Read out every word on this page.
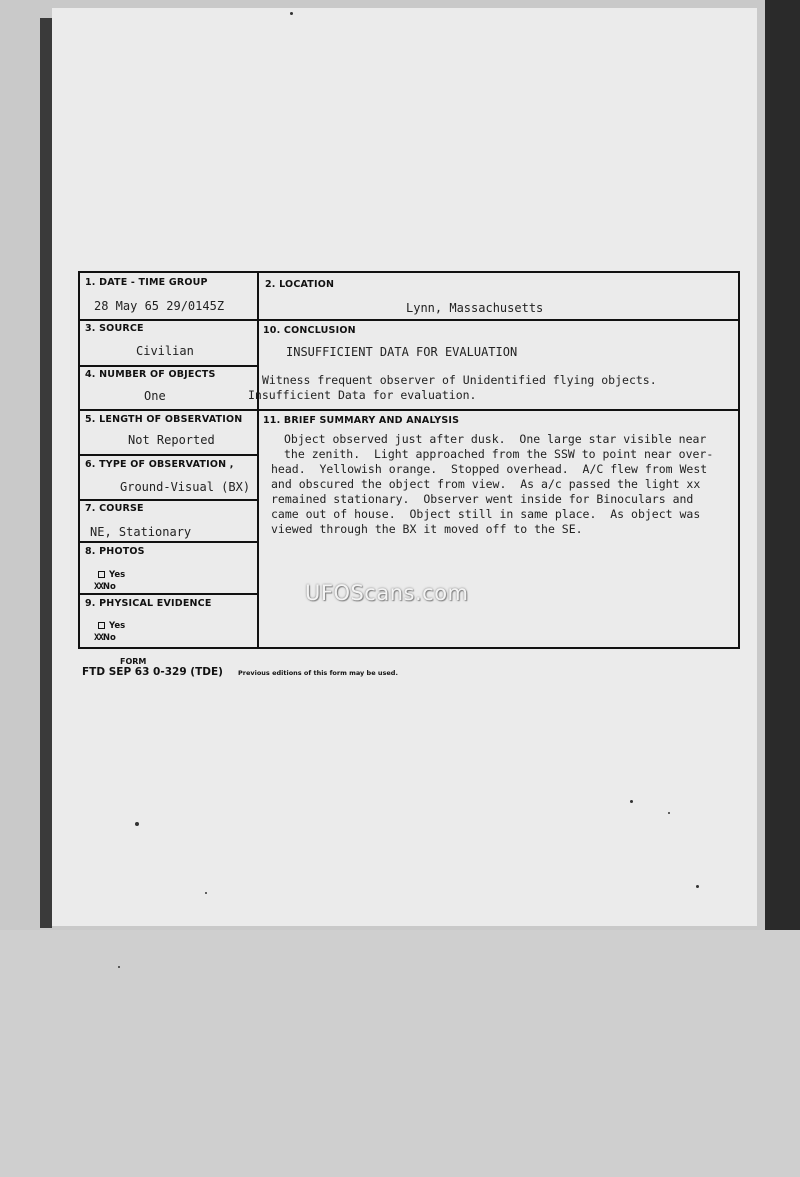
1. DATE - TIME GROUP
28 May 65 29/0145Z
3. SOURCE
Civilian
4. NUMBER OF OBJECTS
One
5. LENGTH OF OBSERVATION
Not Reported
6. TYPE OF OBSERVATION ,
Ground-Visual (BX)
7. COURSE
NE, Stationary
8. PHOTOS
Yes
XXNo
9. PHYSICAL EVIDENCE
Yes
XXNo
2. LOCATION
Lynn, Massachusetts
10. CONCLUSION
INSUFFICIENT DATA FOR EVALUATION
Witness frequent observer of Unidentified flying objects.
Insufficient Data for evaluation.
11. BRIEF SUMMARY AND ANALYSIS
Object observed just after dusk.  One large star visible near
the zenith.  Light approached from the SSW to point near over-
head.  Yellowish orange.  Stopped overhead.  A/C flew from West
and obscured the object from view.  As a/c passed the light xx
remained stationary.  Observer went inside for Binoculars and
came out of house.  Object still in same place.  As object was
viewed through the BX it moved off to the SE.
UFOScans.com
FORM
FTD SEP 63 0-329 (TDE) Previous editions of this form may be used.
